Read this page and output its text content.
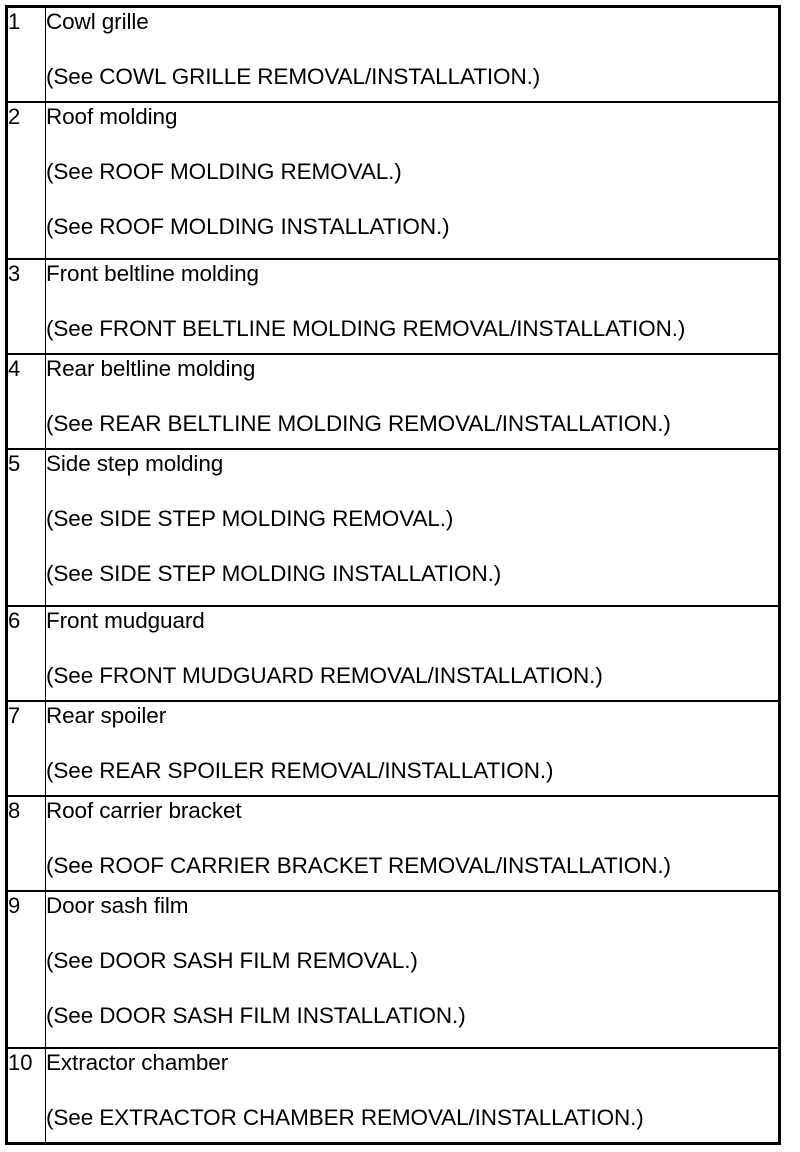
1	Cowl grille
(See COWL GRILLE REMOVAL/INSTALLATION.)

2	Roof molding
(See ROOF MOLDING REMOVAL.)
(See ROOF MOLDING INSTALLATION.)

3	Front beltline molding
(See FRONT BELTLINE MOLDING REMOVAL/INSTALLATION.)

4	Rear beltline molding
(See REAR BELTLINE MOLDING REMOVAL/INSTALLATION.)

5	Side step molding
(See SIDE STEP MOLDING REMOVAL.)
(See SIDE STEP MOLDING INSTALLATION.)

6	Front mudguard
(See FRONT MUDGUARD REMOVAL/INSTALLATION.)

7	Rear spoiler
(See REAR SPOILER REMOVAL/INSTALLATION.)

8	Roof carrier bracket
(See ROOF CARRIER BRACKET REMOVAL/INSTALLATION.)

9	Door sash film
(See DOOR SASH FILM REMOVAL.)
(See DOOR SASH FILM INSTALLATION.)

10	Extractor chamber
(See EXTRACTOR CHAMBER REMOVAL/INSTALLATION.)
